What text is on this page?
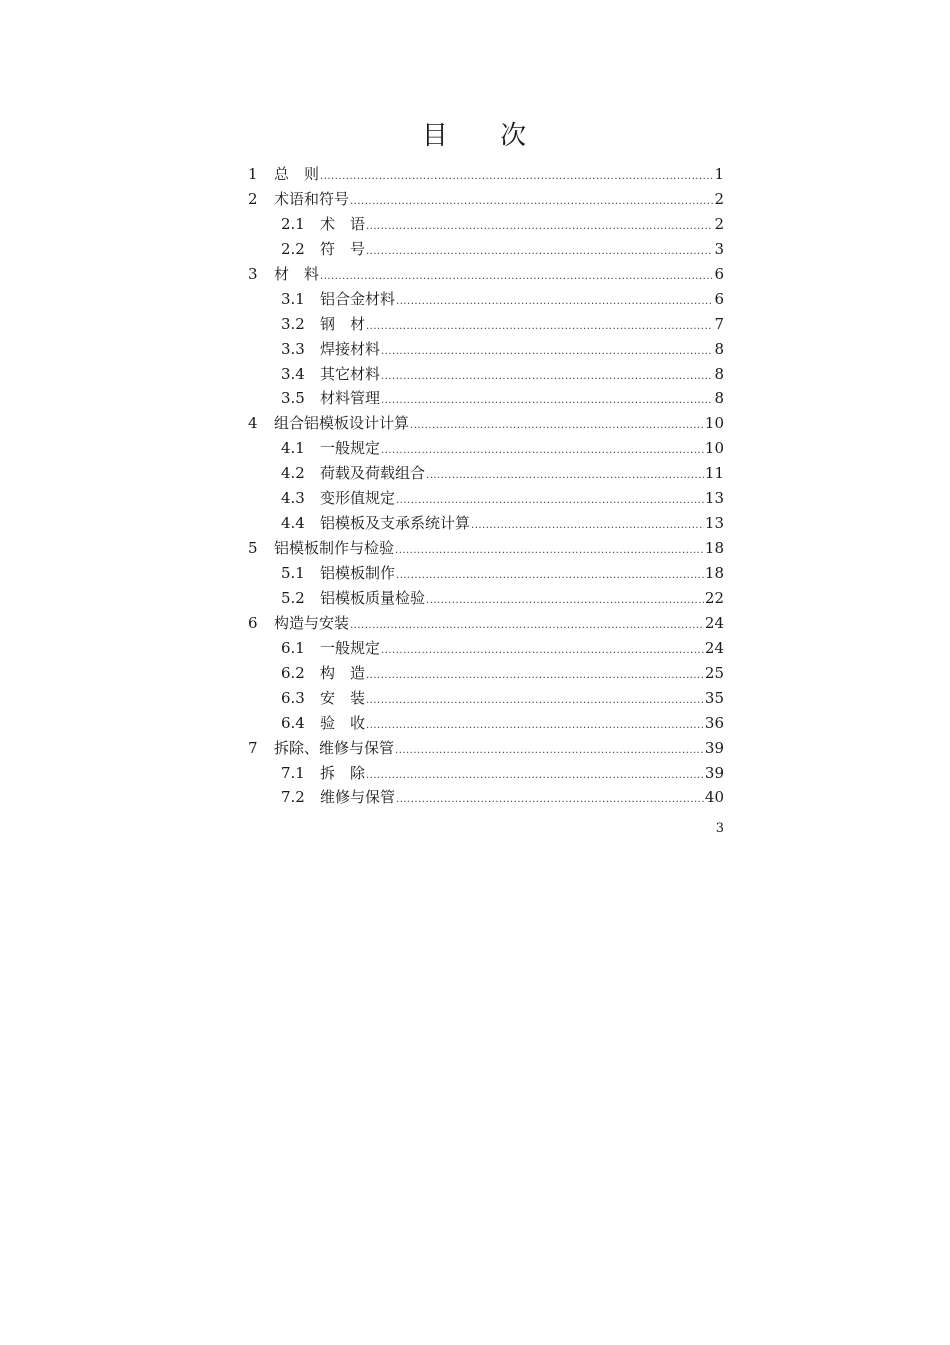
目 次
1	总　则 .....	1
2	术语和符号 .....	2
2.1	术　语 .....	2
2.2	符　号 .....	3
3	材　料 .....	6
3.1	铝合金材料 .....	6
3.2	钢　材 .....	7
3.3	焊接材料 .....	8
3.4	其它材料 .....	8
3.5	材料管理 .....	8
4	组合铝模板设计计算 .....	10
4.1	一般规定 .....	10
4.2	荷载及荷载组合 .....	11
4.3	变形值规定 .....	13
4.4	铝模板及支承系统计算 .....	13
5	铝模板制作与检验 .....	18
5.1	铝模板制作 .....	18
5.2	铝模板质量检验 .....	22
6	构造与安装 .....	24
6.1	一般规定 .....	24
6.2	构　造 .....	25
6.3	安　装 .....	35
6.4	验　收 .....	36
7	拆除、维修与保管 .....	39
7.1	拆　除 .....	39
7.2	维修与保管 .....	40
3
